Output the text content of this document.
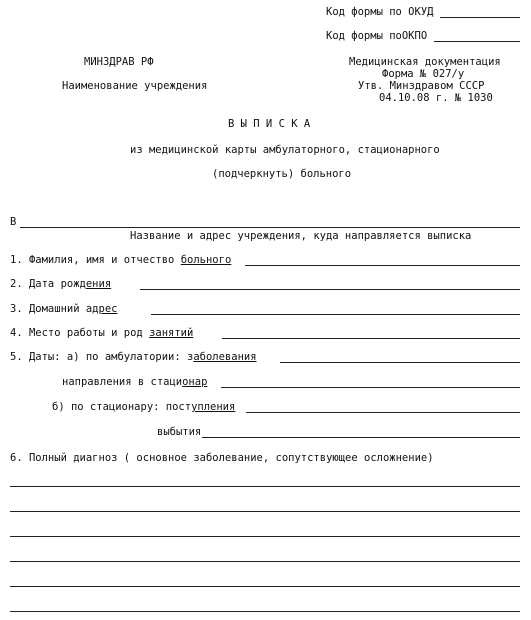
Код формы по ОКУД
Код формы поОКПО
МИНЗДРАВ РФ
Наименование учреждения
Медицинская документация
Форма № 027/у
Утв. Минздравом СССР
04.10.08 г. № 1030
В Ы П И С К А
из медицинской карты амбулаторного, стационарного
(подчеркнуть) больного
В
Название и адрес учреждения, куда направляется выписка
1. Фамилия, имя и отчество больного
2. Дата рождения
3. Домашний адрес
4. Место работы и род занятий
5. Даты: а) по амбулатории: заболевания
направления в стационар
б) по стационару: поступления
выбытия
6. Полный диагноз ( основное заболевание, сопутствующее осложнение)
